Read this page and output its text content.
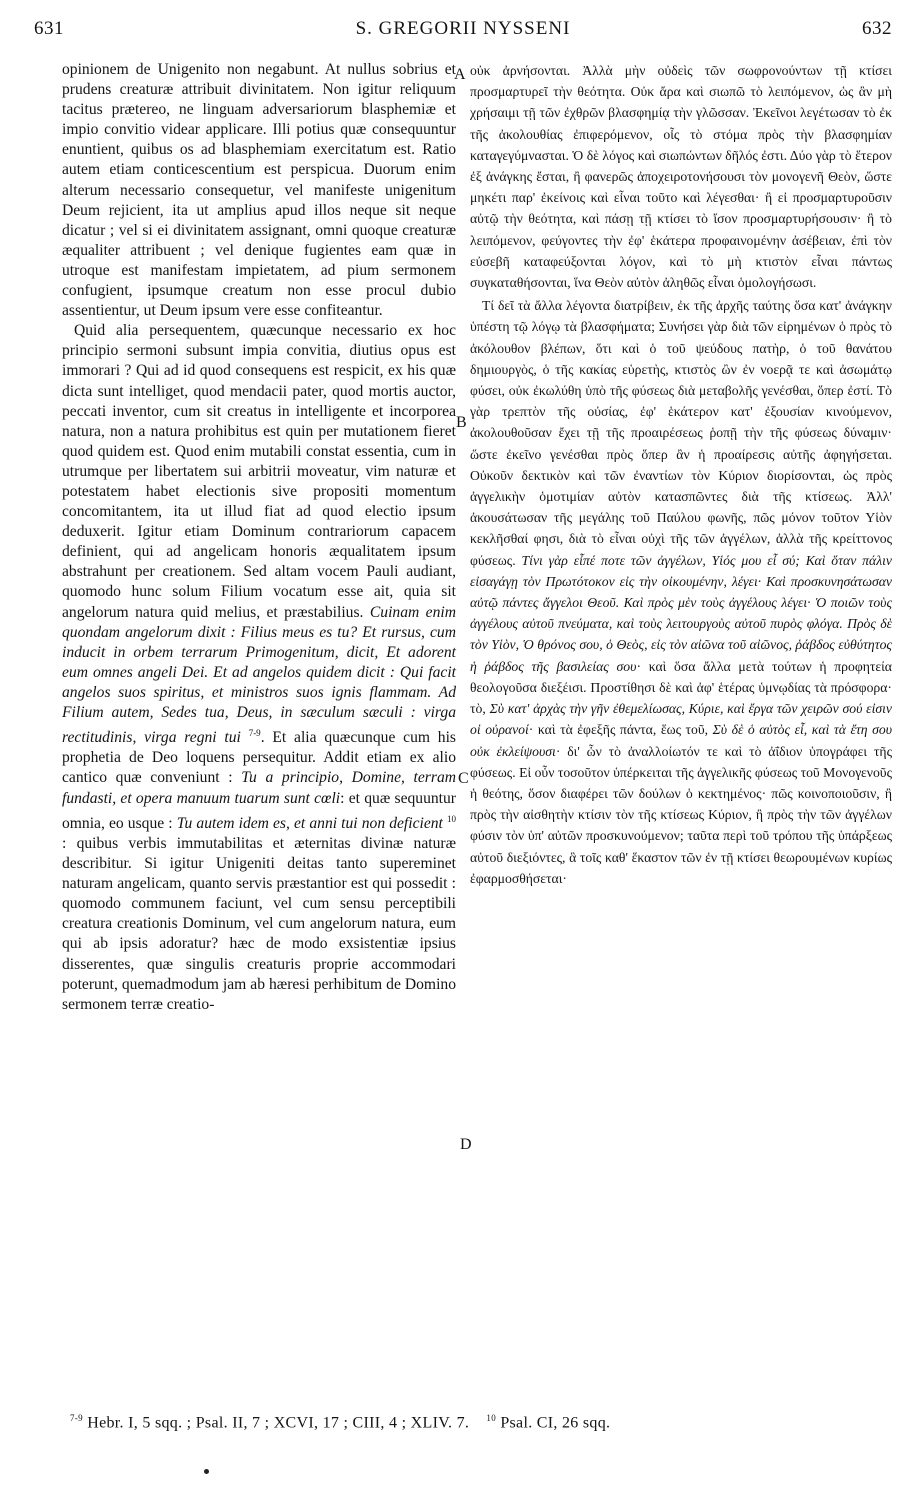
631	S. GREGORII NYSSENI	632

opinionem de Unigenito non negabunt. At nullus sobrius et prudens creaturæ attribuit divinitatem. Non igitur reliquum tacitus prætereo, ne linguam adversariorum blasphemiæ et impio convitio videar applicare. Illi potius quæ consequuntur enuntient, quibus os ad blasphemiam exercitatum est. Ratio autem etiam conticescentium est perspicua. Duorum enim alterum necessario consequetur, vel manifeste unigenitum Deum rejicient, ita ut amplius apud illos neque sit neque dicatur ; vel si ei divinitatem assignant, omni quoque creaturæ æqualiter attribuent ; vel denique fugientes eam quæ in utroque est manifestam impietatem, ad pium sermonem confugient, ipsumque creatum non esse procul dubio assentientur, ut Deum ipsum vere esse confiteantur.

Quid alia persequentem, quæcunque necessario ex hoc principio sermoni subsunt impia convitia, diutius opus est immorari ? Qui ad id quod consequens est respicit, ex his quæ dicta sunt intelliget, quod mendacii pater, quod mortis auctor, peccati inventor, cum sit creatus in intelligente et incorporea natura, non a natura prohibitus est quin per mutationem fieret quod quidem est. Quod enim mutabili constat essentia, cum in utrumque per libertatem sui arbitrii moveatur, vim naturæ et potestatem habet electionis sive propositi momentum concomitantem, ita ut illud fiat ad quod electio ipsum deduxerit. Igitur etiam Dominum contrariorum capacem definient, qui ad angelicam honoris æqualitatem ipsum abstrahunt per creationem. Sed altam vocem Pauli audiant, quomodo hunc solum Filium vocatum esse ait, quia sit angelorum natura quid melius, et præstabilius. Cuinam enim quondam angelorum dixit : Filius meus es tu? Et rursus, cum inducit in orbem terrarum Primogenitum, dicit, Et adorent eum omnes angeli Dei. Et ad angelos quidem dicit : Qui facit angelos suos spiritus, et ministros suos ignis flammam. Ad Filium autem, Sedes tua, Deus, in sæculum sæculi : virga rectitudinis, virga regni tui $^{7-9}$. Et alia quæcunque cum his prophetia de Deo loquens persequitur. Addit etiam ex alio cantico quæ conveniunt : Tu a principio, Domine, terram fundasti, et opera manuum tuarum sunt cœli: et quæ sequuntur omnia, eo usque : Tu autem idem es, et anni tui non deficient $^{10}$ : quibus verbis immutabilitas et æternitas divinæ naturæ describitur. Si igitur Unigeniti deitas tanto supereminet naturam angelicam, quanto servis præstantior est qui possedit : quomodo communem faciunt, vel cum sensu perceptibili creatura creationis Dominum, vel cum angelorum natura, eum qui ab ipsis adoratur? hæc de modo exsistentiæ ipsius disserentes, quæ singulis creaturis proprie accommodari poterunt, quemadmodum jam ab hæresi perhibitum de Domino sermonem terræ creatio-

A
B
C
D

οὐκ ἀρνήσονται. Ἀλλὰ μὴν οὐδεὶς τῶν σωφρονούντων τῇ κτίσει προσμαρτυρεῖ τὴν θεότητα. Οὐκ ἄρα καὶ σιωπῶ τὸ λειπόμενον, ὡς ἂν μὴ χρήσαιμι τῇ τῶν ἐχθρῶν βλασφημίᾳ τὴν γλῶσσαν. Ἐκεῖνοι λεγέτωσαν τὸ ἐκ τῆς ἀκολουθίας ἐπιφερόμενον, οἷς τὸ στόμα πρὸς τὴν βλασφημίαν καταγεγύμνασται. Ὁ δὲ λόγος καὶ σιωπώντων δῆλός ἐστι. Δύο γὰρ τὸ ἕτερον ἐξ ἀνάγκης ἔσται, ἢ φανερῶς ἀποχειροτονήσουσι τὸν μονογενῆ Θεὸν, ὥστε μηκέτι παρ' ἐκείνοις καὶ εἶναι τοῦτο καὶ λέγεσθαι· ἢ εἰ προσμαρτυροῦσιν αὐτῷ τὴν θεότητα, καὶ πάσῃ τῇ κτίσει τὸ ἴσον προσμαρτυρήσουσιν· ἢ τὸ λειπόμενον, φεύγοντες τὴν ἐφ' ἑκάτερα προφαινομένην ἀσέβειαν, ἐπὶ τὸν εὐσεβῆ καταφεύξονται λόγον, καὶ τὸ μὴ κτιστὸν εἶναι πάντως συγκαταθήσονται, ἵνα Θεὸν αὐτὸν ἀληθῶς εἶναι ὁμολογήσωσι.

Τί δεῖ τὰ ἄλλα λέγοντα διατρίβειν, ἐκ τῆς ἀρχῆς ταύτης ὅσα κατ' ἀνάγκην ὑπέστη τῷ λόγῳ τὰ βλασφήματα; Συνήσει γὰρ διὰ τῶν εἰρημένων ὁ πρὸς τὸ ἀκόλουθον βλέπων, ὅτι καὶ ὁ τοῦ ψεύδους πατὴρ, ὁ τοῦ θανάτου δημιουργὸς, ὁ τῆς κακίας εὑρετὴς, κτιστὸς ὢν ἐν νοερᾷ τε καὶ ἀσωμάτῳ φύσει, οὐκ ἐκωλύθη ὑπὸ τῆς φύσεως διὰ μεταβολῆς γενέσθαι, ὅπερ ἐστί. Τὸ γὰρ τρεπτὸν τῆς οὐσίας, ἐφ' ἑκάτερον κατ' ἐξουσίαν κινούμενον, ἀκολουθοῦσαν ἔχει τῇ τῆς προαιρέσεως ῥοπῇ τὴν τῆς φύσεως δύναμιν· ὥστε ἐκεῖνο γενέσθαι πρὸς ὅπερ ἂν ἡ προαίρεσις αὐτῆς ἀφηγήσεται. Οὐκοῦν δεκτικὸν καὶ τῶν ἐναντίων τὸν Κύριον διορίσονται, ὡς πρὸς ἀγγελικὴν ὁμοτιμίαν αὐτὸν κατασπῶντες διὰ τῆς κτίσεως. Ἀλλ' ἀκουσάτωσαν τῆς μεγάλης τοῦ Παύλου φωνῆς, πῶς μόνον τοῦτον Υἱὸν κεκλῆσθαί φησι, διὰ τὸ εἶναι οὐχὶ τῆς τῶν ἀγγέλων, ἀλλὰ τῆς κρείττονος φύσεως. Τίνι γὰρ εἶπέ ποτε τῶν ἀγγέλων, Υἱός μου εἶ σύ; Καὶ ὅταν πάλιν εἰσαγάγῃ τὸν Πρωτότοκον εἰς τὴν οἰκουμένην, λέγει· Καὶ προσκυνησάτωσαν αὐτῷ πάντες ἄγγελοι Θεοῦ. Καὶ πρὸς μὲν τοὺς ἀγγέλους λέγει· Ὁ ποιῶν τοὺς ἀγγέλους αὐτοῦ πνεύματα, καὶ τοὺς λειτουργοὺς αὐτοῦ πυρὸς φλόγα. Πρὸς δὲ τὸν Υἱὸν, Ὁ θρόνος σου, ὁ Θεὸς, εἰς τὸν αἰῶνα τοῦ αἰῶνος, ῥάβδος εὐθύτητος ἡ ῥάβδος τῆς βασιλείας σου· καὶ ὅσα ἄλλα μετὰ τούτων ἡ προφητεία θεολογοῦσα διεξέισι. Προστίθησι δὲ καὶ ἀφ' ἑτέρας ὑμνῳδίας τὰ πρόσφορα· τὸ, Σὺ κατ' ἀρχὰς τὴν γῆν ἐθεμελίωσας, Κύριε, καὶ ἔργα τῶν χειρῶν σού εἰσιν οἱ οὐρανοί· καὶ τὰ ἐφεξῆς πάντα, ἕως τοῦ, Σὺ δὲ ὁ αὐτὸς εἶ, καὶ τὰ ἔτη σου οὐκ ἐκλείψουσι· δι' ὧν τὸ ἀναλλοίωτόν τε καὶ τὸ ἀΐδιον ὑπογράφει τῆς φύσεως. Εἰ οὖν τοσοῦτον ὑπέρκειται τῆς ἀγγελικῆς φύσεως τοῦ Μονογενοῦς ἡ θεότης, ὅσον διαφέρει τῶν δούλων ὁ κεκτημένος· πῶς κοινοποιοῦσιν, ἢ πρὸς τὴν αἰσθητὴν κτίσιν τὸν τῆς κτίσεως Κύριον, ἢ πρὸς τὴν τῶν ἀγγέλων φύσιν τὸν ὑπ' αὐτῶν προσκυνούμενον; ταῦτα περὶ τοῦ τρόπου τῆς ὑπάρξεως αὐτοῦ διεξιόντες, ἃ τοῖς καθ' ἕκαστον τῶν ἐν τῇ κτίσει θεωρουμένων κυρίως ἐφαρμοσθήσεται·

$^{7-9}$ Hebr. I, 5 sqq. ; Psal. II, 7 ; XCVI, 17 ; CIII, 4 ; XLIV. 7. $^{10}$ Psal. CI, 26 sqq.
